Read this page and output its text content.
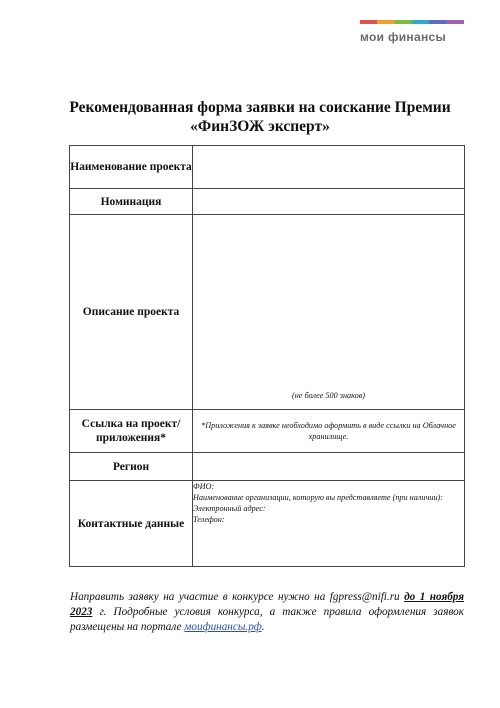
мои финансы
Рекомендованная форма заявки на соискание Премии
«ФинЗОЖ эксперт»
Наименование проекта	
Номинация	
Описание проекта	(не более 500 знаков)

Ссылка на проект/приложения*	*Приложения к заявке необходимо оформить в виде ссылки на Облачное хранилище.
Регион	
Контактные данные	ФИО:
Наименование организации, которую вы представляете (при наличии):
Электронный адрес:
Телефон:
Направить заявку на участие в конкурсе нужно на fgpress@nifi.ru до 1 ноября 2023 г. Подробные условия конкурса, а также правила оформления заявок размещены на портале моифинансы.рф.
